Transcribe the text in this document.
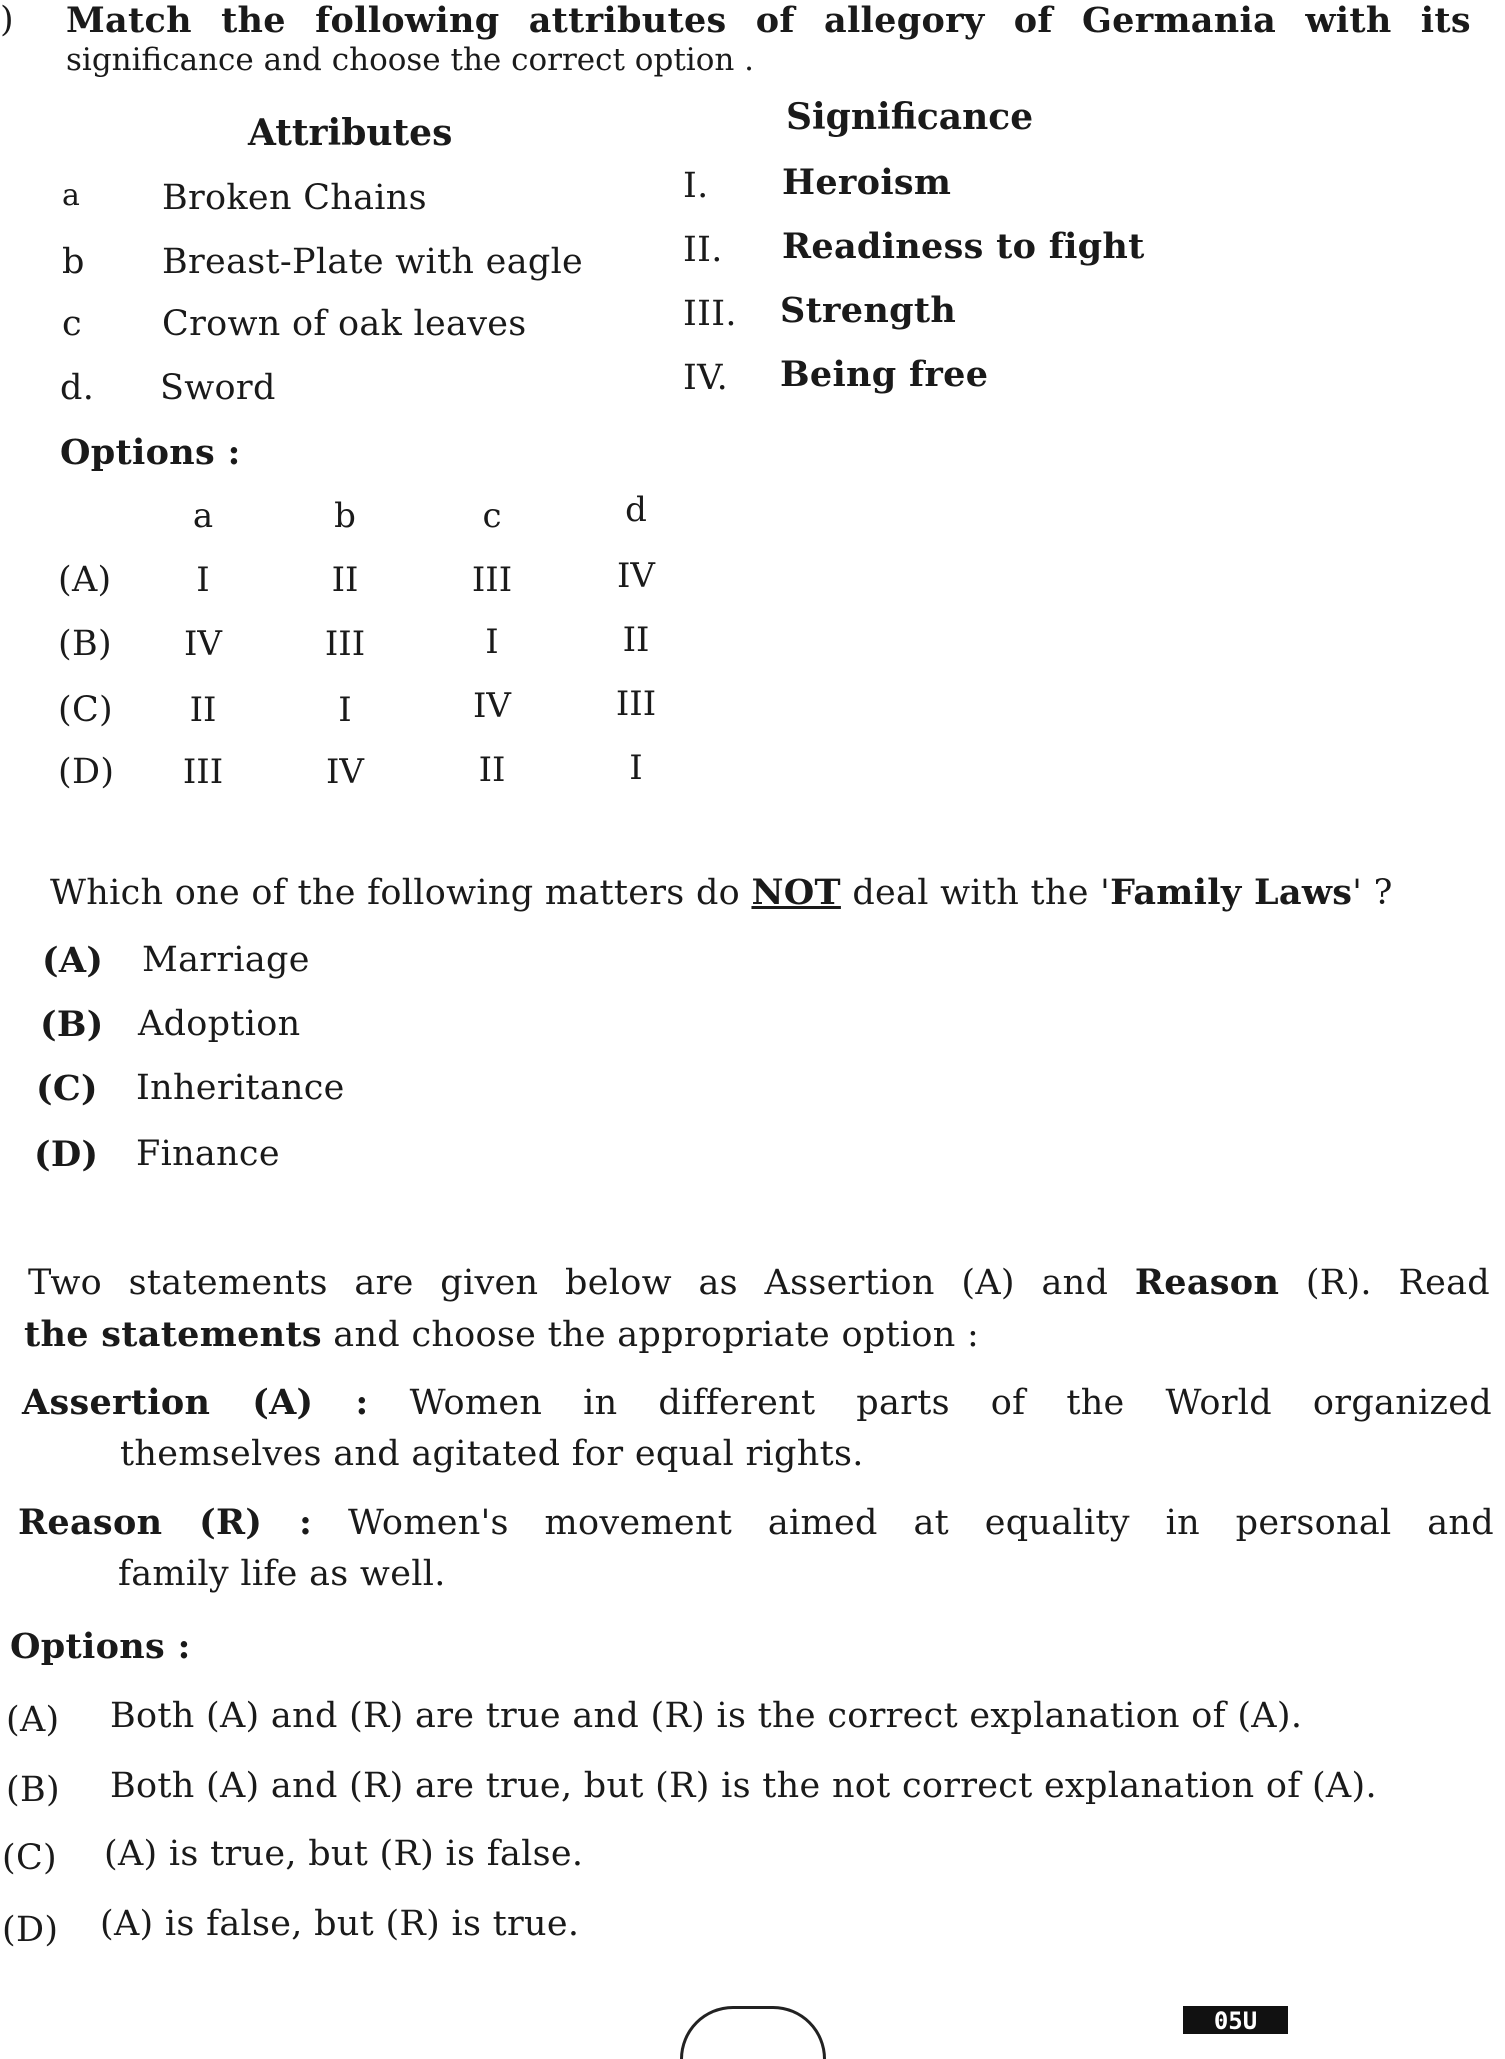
) Match the following attributes of allegory of Germania with its
significance and choose the correct option .
Attributes	Significance
a Broken Chains
b Breast-Plate with eagle
c Crown of oak leaves
d. Sword
I. Heroism
II. Readiness to fight
III. Strength
IV. Being free
Options :
a	b	c	d
(A)	I	II	III	IV
(B)	IV	III	I	II
(C)	II	I	IV	III
(D)	III	IV	II	I
Which one of the following matters do NOT deal with the 'Family Laws' ?
(A) Marriage
(B) Adoption
(C) Inheritance
(D) Finance
Two statements are given below as Assertion (A) and Reason (R). Read
the statements and choose the appropriate option :
Assertion (A) : Women in different parts of the World organized
themselves and agitated for equal rights.
Reason (R) : Women's movement aimed at equality in personal and
family life as well.
Options :
(A) Both (A) and (R) are true and (R) is the correct explanation of (A).
(B) Both (A) and (R) are true, but (R) is the not correct explanation of (A).
(C) (A) is true, but (R) is false.
(D) (A) is false, but (R) is true.
05U
